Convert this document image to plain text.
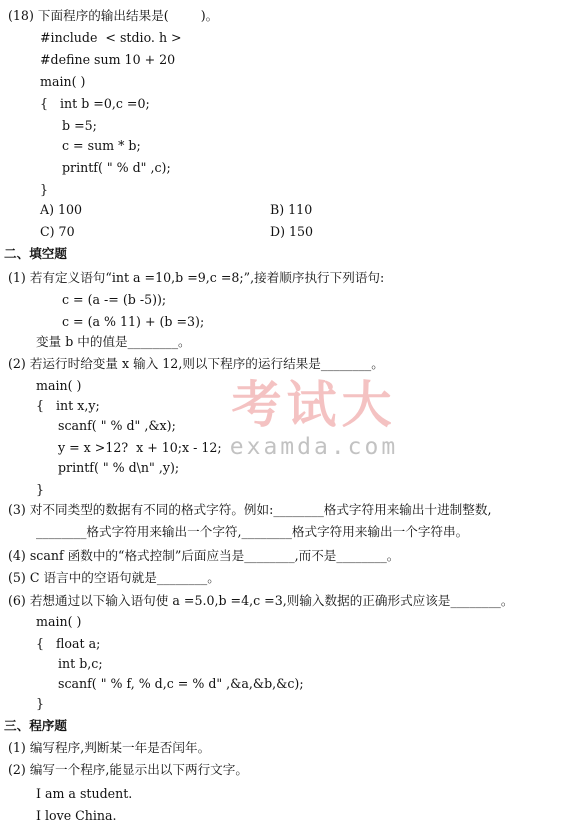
(18) 下面程序的输出结果是(        )。
#include  < stdio. h >
#define sum 10 + 20
main( )
{   int b =0,c =0;
b =5;
c = sum * b;
printf( " % d" ,c);
}
A) 100	B) 110
C) 70	D) 150
二、填空题
(1) 若有定义语句“int a =10,b =9,c =8;”,接着顺序执行下列语句:
c = (a -= (b -5));
c = (a % 11) + (b =3);
变量 b 中的值是________。
(2) 若运行时给变量 x 输入 12,则以下程序的运行结果是________。
main( )
{   int x,y;
scanf( " % d" ,&x);
y = x >12?  x + 10;x - 12;
printf( " % d\n" ,y);
}
(3) 对不同类型的数据有不同的格式字符。例如:________格式字符用来输出十进制整数,
________格式字符用来输出一个字符,________格式字符用来输出一个字符串。
(4) scanf 函数中的“格式控制”后面应当是________,而不是________。
(5) C 语言中的空语句就是________。
(6) 若想通过以下输入语句使 a =5.0,b =4,c =3,则输入数据的正确形式应该是________。
main( )
{   float a;
int b,c;
scanf( " % f, % d,c = % d" ,&a,&b,&c);
}
三、程序题
(1) 编写程序,判断某一年是否闰年。
(2) 编写一个程序,能显示出以下两行文字。
I am a student.
I love China.
考试大
examda.com
